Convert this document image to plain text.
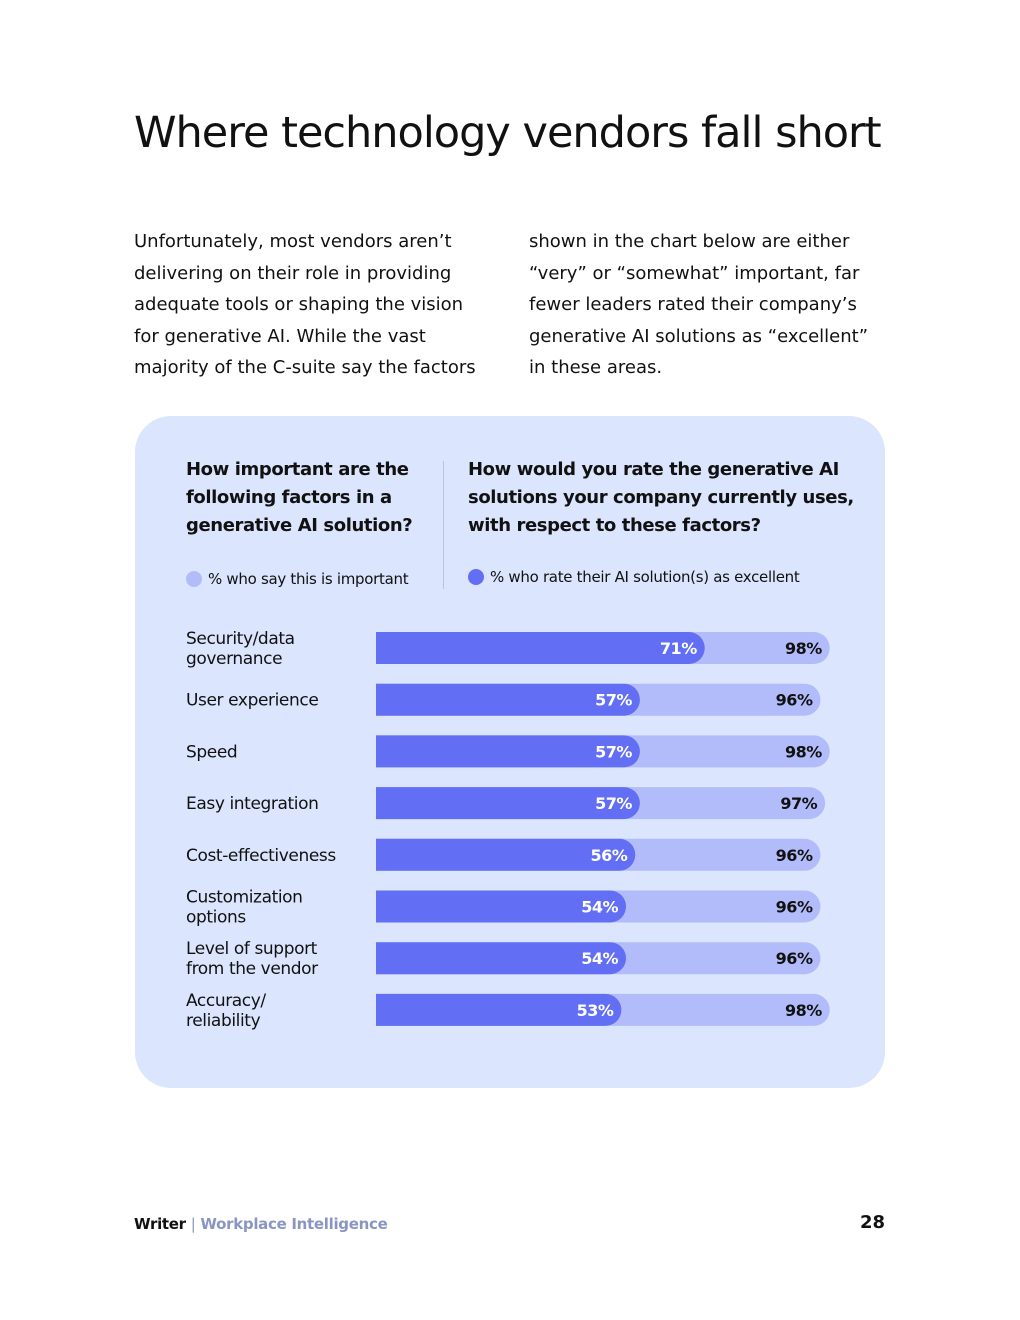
Where technology vendors fall short

Unfortunately, most vendors aren’t delivering on their role in providing adequate tools or shaping the vision for generative AI. While the vast majority of the C-suite say the factors

shown in the chart below are either “very” or “somewhat” important, far fewer leaders rated their company’s generative AI solutions as “excellent” in these areas.

How important are the following factors in a generative AI solution?
How would you rate the generative AI solutions your company currently uses, with respect to these factors?
% who say this is important	% who rate their AI solution(s) as excellent
98%
71%
Security/data governance
96%
57%
User experience
98%
57%
Speed
97%
57%
Easy integration
96%
56%
Cost-effectiveness
96%
54%
Customization options
96%
54%
Level of support from the vendor
98%
53%
Accuracy/ reliability
Writer | Workplace Intelligence	28
